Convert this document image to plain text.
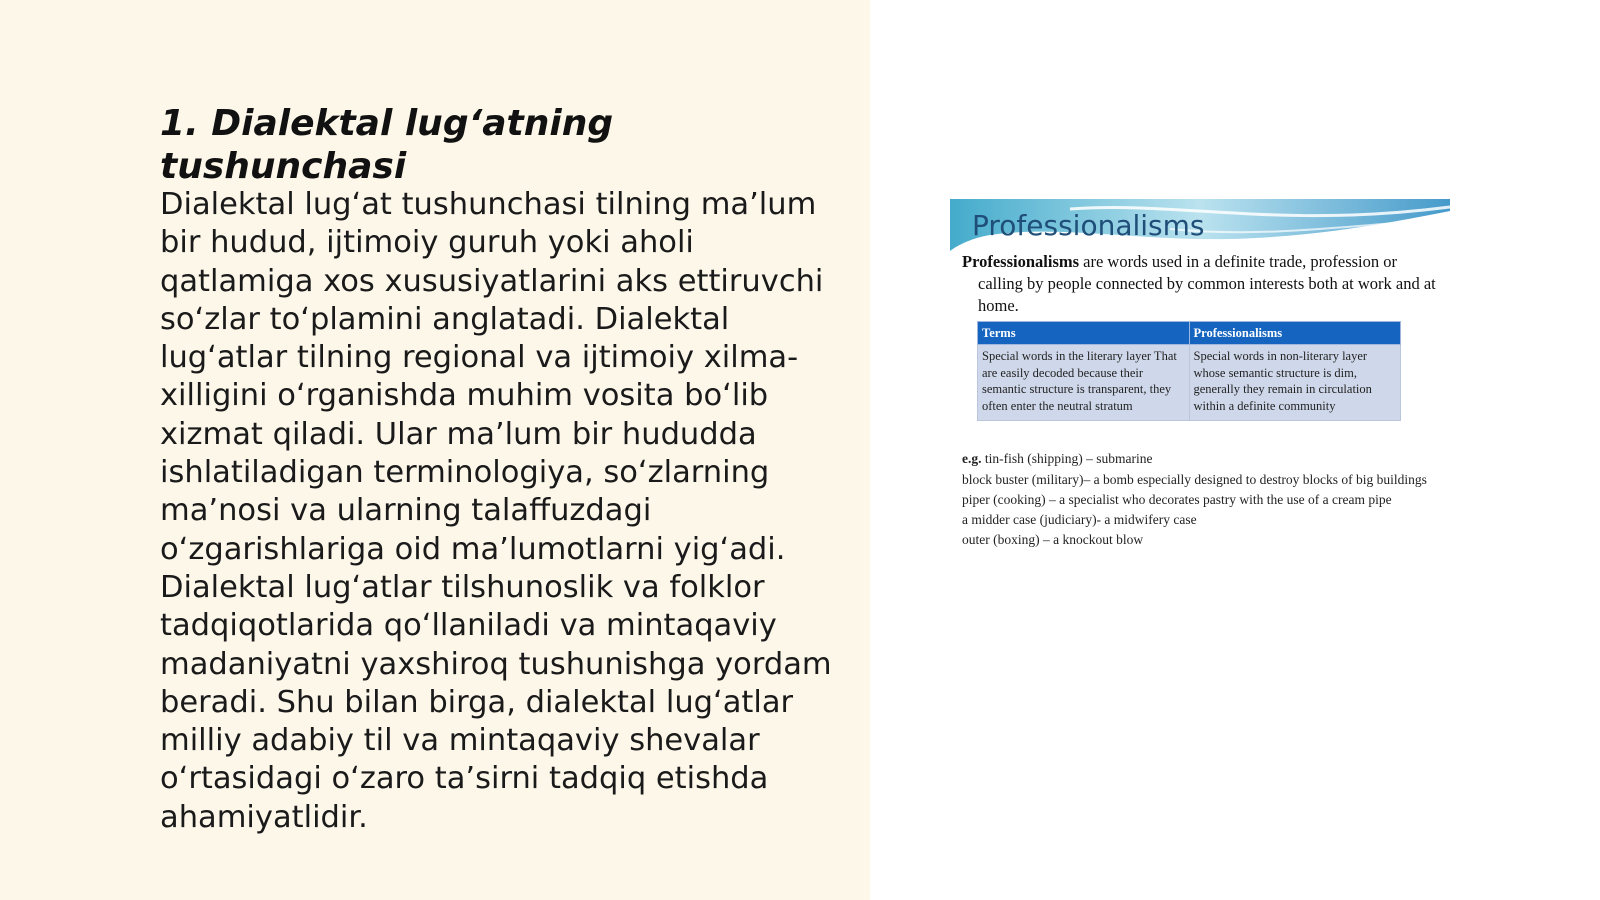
1. Dialektal lug‘atning tushunchasi

Dialektal lug‘at tushunchasi tilning ma’lum bir hudud, ijtimoiy guruh yoki aholi qatlamiga xos xususiyatlarini aks ettiruvchi so‘zlar to‘plamini anglatadi. Dialektal lug‘atlar tilning regional va ijtimoiy xilma-xilligini o‘rganishda muhim vosita bo‘lib xizmat qiladi. Ular ma’lum bir hududda ishlatiladigan terminologiya, so‘zlarning ma’nosi va ularning talaffuzdagi o‘zgarishlariga oid ma’lumotlarni yig‘adi. Dialektal lug‘atlar tilshunoslik va folklor tadqiqotlarida qo‘llaniladi va mintaqaviy madaniyatni yaxshiroq tushunishga yordam beradi. Shu bilan birga, dialektal lug‘atlar milliy adabiy til va mintaqaviy shevalar o‘rtasidagi o‘zaro ta’sirni tadqiq etishda ahamiyatlidir.

Professionalisms

Professionalisms are words used in a definite trade, profession or calling by people connected by common interests both at work and at home.

Terms	Professionalisms
Special words in the literary layer That are easily decoded because their semantic structure is transparent, they often enter the neutral stratum	Special words in non-literary layer whose semantic structure is dim, generally they remain in circulation within a definite community

e.g. tin-fish (shipping) – submarine

block buster (military)– a bomb especially designed to destroy blocks of big buildings

piper (cooking) – a specialist who decorates pastry with the use of a cream pipe

a midder case (judiciary)- a midwifery case

outer (boxing) – a knockout blow
